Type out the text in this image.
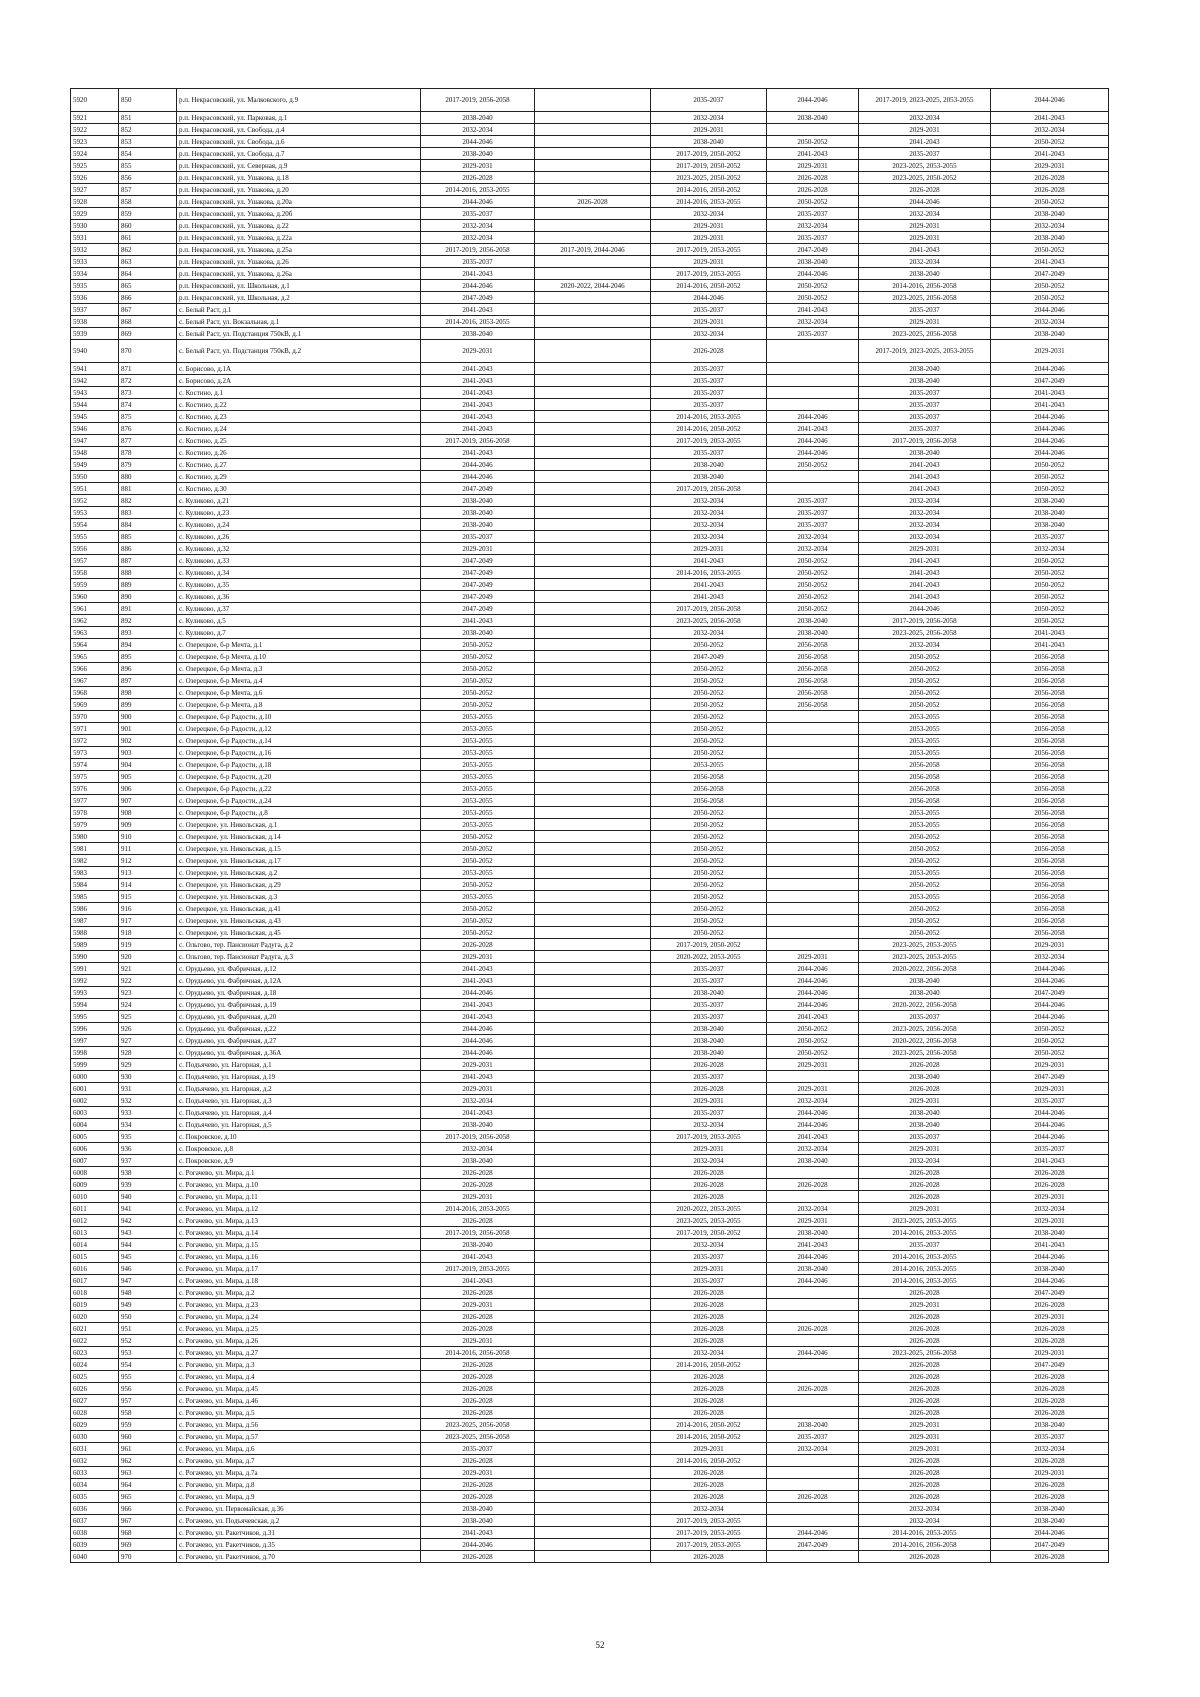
5920	850	р.п. Некрасовский, ул. Малковского, д.9	2017-2019, 2056-2058		2035-2037	2044-2046	2017-2019, 2023-2025, 2053-2055	2044-2046
5921	851	р.п. Некрасовский, ул. Парковая, д.1	2038-2040		2032-2034	2038-2040	2032-2034	2041-2043
5922	852	р.п. Некрасовский, ул. Свобода, д.4	2032-2034		2029-2031		2029-2031	2032-2034
5923	853	р.п. Некрасовский, ул. Свобода, д.6	2044-2046		2038-2040	2050-2052	2041-2043	2050-2052
5924	854	р.п. Некрасовский, ул. Свобода, д.7	2038-2040		2017-2019, 2050-2052	2041-2043	2035-2037	2041-2043
5925	855	р.п. Некрасовский, ул. Северная, д.9	2029-2031		2017-2019, 2050-2052	2029-2031	2023-2025, 2053-2055	2029-2031
5926	856	р.п. Некрасовский, ул. Ушакова, д.18	2026-2028		2023-2025, 2050-2052	2026-2028	2023-2025, 2050-2052	2026-2028
5927	857	р.п. Некрасовский, ул. Ушакова, д.20	2014-2016, 2053-2055		2014-2016, 2050-2052	2026-2028	2026-2028	2026-2028
5928	858	р.п. Некрасовский, ул. Ушакова, д.20а	2044-2046	2026-2028	2014-2016, 2053-2055	2050-2052	2044-2046	2050-2052
5929	859	р.п. Некрасовский, ул. Ушакова, д.20б	2035-2037		2032-2034	2035-2037	2032-2034	2038-2040
5930	860	р.п. Некрасовский, ул. Ушакова, д.22	2032-2034		2029-2031	2032-2034	2029-2031	2032-2034
5931	861	р.п. Некрасовский, ул. Ушакова, д.22а	2032-2034		2029-2031	2035-2037	2029-2031	2038-2040
5932	862	р.п. Некрасовский, ул. Ушакова, д.25а	2017-2019, 2056-2058	2017-2019, 2044-2046	2017-2019, 2053-2055	2047-2049	2041-2043	2050-2052
5933	863	р.п. Некрасовский, ул. Ушакова, д.26	2035-2037		2029-2031	2038-2040	2032-2034	2041-2043
5934	864	р.п. Некрасовский, ул. Ушакова, д.26а	2041-2043		2017-2019, 2053-2055	2044-2046	2038-2040	2047-2049
5935	865	р.п. Некрасовский, ул. Школьная, д.1	2044-2046	2020-2022, 2044-2046	2014-2016, 2050-2052	2050-2052	2014-2016, 2056-2058	2050-2052
5936	866	р.п. Некрасовский, ул. Школьная, д.2	2047-2049		2044-2046	2050-2052	2023-2025, 2056-2058	2050-2052
5937	867	с. Белый Раст, д.1	2041-2043		2035-2037	2041-2043	2035-2037	2044-2046
5938	868	с. Белый Раст, ул. Вокзальная, д.1	2014-2016, 2053-2055		2029-2031	2032-2034	2029-2031	2032-2034
5939	869	с. Белый Раст, ул. Подстанция 750кВ, д.1	2038-2040		2032-2034	2035-2037	2023-2025, 2056-2058	2038-2040
5940	870	с. Белый Раст, ул. Подстанция 750кВ, д.2	2029-2031		2026-2028		2017-2019, 2023-2025, 2053-2055	2029-2031
5941	871	с. Борисово, д.1А	2041-2043		2035-2037		2038-2040	2044-2046
5942	872	с. Борисово, д.2А	2041-2043		2035-2037		2038-2040	2047-2049
5943	873	с. Костино, д.1	2041-2043		2035-2037		2035-2037	2041-2043
5944	874	с. Костино, д.22	2041-2043		2035-2037		2035-2037	2041-2043
5945	875	с. Костино, д.23	2041-2043		2014-2016, 2053-2055	2044-2046	2035-2037	2044-2046
5946	876	с. Костино, д.24	2041-2043		2014-2016, 2050-2052	2041-2043	2035-2037	2044-2046
5947	877	с. Костино, д.25	2017-2019, 2056-2058		2017-2019, 2053-2055	2044-2046	2017-2019, 2056-2058	2044-2046
5948	878	с. Костино, д.26	2041-2043		2035-2037	2044-2046	2038-2040	2044-2046
5949	879	с. Костино, д.27	2044-2046		2038-2040	2050-2052	2041-2043	2050-2052
5950	880	с. Костино, д.29	2044-2046		2038-2040		2041-2043	2050-2052
5951	881	с. Костино, д.30	2047-2049		2017-2019, 2056-2058		2041-2043	2050-2052
5952	882	с. Куликово, д.21	2038-2040		2032-2034	2035-2037	2032-2034	2038-2040
5953	883	с. Куликово, д.23	2038-2040		2032-2034	2035-2037	2032-2034	2038-2040
5954	884	с. Куликово, д.24	2038-2040		2032-2034	2035-2037	2032-2034	2038-2040
5955	885	с. Куликово, д.26	2035-2037		2032-2034	2032-2034	2032-2034	2035-2037
5956	886	с. Куликово, д.32	2029-2031		2029-2031	2032-2034	2029-2031	2032-2034
5957	887	с. Куликово, д.33	2047-2049		2041-2043	2050-2052	2041-2043	2050-2052
5958	888	с. Куликово, д.34	2047-2049		2014-2016, 2053-2055	2050-2052	2041-2043	2050-2052
5959	889	с. Куликово, д.35	2047-2049		2041-2043	2050-2052	2041-2043	2050-2052
5960	890	с. Куликово, д.36	2047-2049		2041-2043	2050-2052	2041-2043	2050-2052
5961	891	с. Куликово, д.37	2047-2049		2017-2019, 2056-2058	2050-2052	2044-2046	2050-2052
5962	892	с. Куликово, д.5	2041-2043		2023-2025, 2056-2058	2038-2040	2017-2019, 2056-2058	2050-2052
5963	893	с. Куликово, д.7	2038-2040		2032-2034	2038-2040	2023-2025, 2056-2058	2041-2043
5964	894	с. Озерецкое, б-р Мечта, д.1	2050-2052		2050-2052	2056-2058	2032-2034	2041-2043
5965	895	с. Озерецкое, б-р Мечта, д.10	2050-2052		2047-2049	2056-2058	2050-2052	2056-2058
5966	896	с. Озерецкое, б-р Мечта, д.3	2050-2052		2050-2052	2056-2058	2050-2052	2056-2058
5967	897	с. Озерецкое, б-р Мечта, д.4	2050-2052		2050-2052	2056-2058	2050-2052	2056-2058
5968	898	с. Озерецкое, б-р Мечта, д.6	2050-2052		2050-2052	2056-2058	2050-2052	2056-2058
5969	899	с. Озерецкое, б-р Мечта, д.8	2050-2052		2050-2052	2056-2058	2050-2052	2056-2058
5970	900	с. Озерецкое, б-р Радости, д.10	2053-2055		2050-2052		2053-2055	2056-2058
5971	901	с. Озерецкое, б-р Радости, д.12	2053-2055		2050-2052		2053-2055	2056-2058
5972	902	с. Озерецкое, б-р Радости, д.14	2053-2055		2050-2052		2053-2055	2056-2058
5973	903	с. Озерецкое, б-р Радости, д.16	2053-2055		2050-2052		2053-2055	2056-2058
5974	904	с. Озерецкое, б-р Радости, д.18	2053-2055		2053-2055		2056-2058	2056-2058
5975	905	с. Озерецкое, б-р Радости, д.20	2053-2055		2056-2058		2056-2058	2056-2058
5976	906	с. Озерецкое, б-р Радости, д.22	2053-2055		2056-2058		2056-2058	2056-2058
5977	907	с. Озерецкое, б-р Радости, д.24	2053-2055		2056-2058		2056-2058	2056-2058
5978	908	с. Озерецкое, б-р Радости, д.8	2053-2055		2050-2052		2053-2055	2056-2058
5979	909	с. Озерецкое, ул. Никольская, д.1	2053-2055		2050-2052		2053-2055	2056-2058
5980	910	с. Озерецкое, ул. Никольская, д.14	2050-2052		2050-2052		2050-2052	2056-2058
5981	911	с. Озерецкое, ул. Никольская, д.15	2050-2052		2050-2052		2050-2052	2056-2058
5982	912	с. Озерецкое, ул. Никольская, д.17	2050-2052		2050-2052		2050-2052	2056-2058
5983	913	с. Озерецкое, ул. Никольская, д.2	2053-2055		2050-2052		2053-2055	2056-2058
5984	914	с. Озерецкое, ул. Никольская, д.29	2050-2052		2050-2052		2050-2052	2056-2058
5985	915	с. Озерецкое, ул. Никольская, д.3	2053-2055		2050-2052		2053-2055	2056-2058
5986	916	с. Озерецкое, ул. Никольская, д.41	2050-2052		2050-2052		2050-2052	2056-2058
5987	917	с. Озерецкое, ул. Никольская, д.43	2050-2052		2050-2052		2050-2052	2056-2058
5988	918	с. Озерецкое, ул. Никольская, д.45	2050-2052		2050-2052		2050-2052	2056-2058
5989	919	с. Ольгово, тер. Пансионат Радуга, д.2	2026-2028		2017-2019, 2050-2052		2023-2025, 2053-2055	2029-2031
5990	920	с. Ольгово, тер. Пансионат Радуга, д.3	2029-2031		2020-2022, 2053-2055	2029-2031	2023-2025, 2053-2055	2032-2034
5991	921	с. Орудьево, ул. Фабричная, д.12	2041-2043		2035-2037	2044-2046	2020-2022, 2056-2058	2044-2046
5992	922	с. Орудьево, ул. Фабричная, д.12А	2041-2043		2035-2037	2044-2046	2038-2040	2044-2046
5993	923	с. Орудьево, ул. Фабричная, д.18	2044-2046		2038-2040	2044-2046	2038-2040	2047-2049
5994	924	с. Орудьево, ул. Фабричная, д.19	2041-2043		2035-2037	2044-2046	2020-2022, 2056-2058	2044-2046
5995	925	с. Орудьево, ул. Фабричная, д.20	2041-2043		2035-2037	2041-2043	2035-2037	2044-2046
5996	926	с. Орудьево, ул. Фабричная, д.22	2044-2046		2038-2040	2050-2052	2023-2025, 2056-2058	2050-2052
5997	927	с. Орудьево, ул. Фабричная, д.27	2044-2046		2038-2040	2050-2052	2020-2022, 2056-2058	2050-2052
5998	928	с. Орудьево, ул. Фабричная, д.36А	2044-2046		2038-2040	2050-2052	2023-2025, 2056-2058	2050-2052
5999	929	с. Подъячево, ул. Нагорная, д.1	2029-2031		2026-2028	2029-2031	2026-2028	2029-2031
6000	930	с. Подъячево, ул. Нагорная, д.19	2041-2043		2035-2037		2038-2040	2047-2049
6001	931	с. Подъячево, ул. Нагорная, д.2	2029-2031		2026-2028	2029-2031	2026-2028	2029-2031
6002	932	с. Подъячево, ул. Нагорная, д.3	2032-2034		2029-2031	2032-2034	2029-2031	2035-2037
6003	933	с. Подъячево, ул. Нагорная, д.4	2041-2043		2035-2037	2044-2046	2038-2040	2044-2046
6004	934	с. Подъячево, ул. Нагорная, д.5	2038-2040		2032-2034	2044-2046	2038-2040	2044-2046
6005	935	с. Покровское, д.10	2017-2019, 2056-2058		2017-2019, 2053-2055	2041-2043	2035-2037	2044-2046
6006	936	с. Покровское, д.8	2032-2034		2029-2031	2032-2034	2029-2031	2035-2037
6007	937	с. Покровское, д.9	2038-2040		2032-2034	2038-2040	2032-2034	2041-2043
6008	938	с. Рогачево, ул. Мира, д.1	2026-2028		2026-2028		2026-2028	2026-2028
6009	939	с. Рогачево, ул. Мира, д.10	2026-2028		2026-2028	2026-2028	2026-2028	2026-2028
6010	940	с. Рогачево, ул. Мира, д.11	2029-2031		2026-2028		2026-2028	2029-2031
6011	941	с. Рогачево, ул. Мира, д.12	2014-2016, 2053-2055		2020-2022, 2053-2055	2032-2034	2029-2031	2032-2034
6012	942	с. Рогачево, ул. Мира, д.13	2026-2028		2023-2025, 2053-2055	2029-2031	2023-2025, 2053-2055	2029-2031
6013	943	с. Рогачево, ул. Мира, д.14	2017-2019, 2056-2058		2017-2019, 2050-2052	2038-2040	2014-2016, 2053-2055	2038-2040
6014	944	с. Рогачево, ул. Мира, д.15	2038-2040		2032-2034	2041-2043	2035-2037	2041-2043
6015	945	с. Рогачево, ул. Мира, д.16	2041-2043		2035-2037	2044-2046	2014-2016, 2053-2055	2044-2046
6016	946	с. Рогачево, ул. Мира, д.17	2017-2019, 2053-2055		2029-2031	2038-2040	2014-2016, 2053-2055	2038-2040
6017	947	с. Рогачево, ул. Мира, д.18	2041-2043		2035-2037	2044-2046	2014-2016, 2053-2055	2044-2046
6018	948	с. Рогачево, ул. Мира, д.2	2026-2028		2026-2028		2026-2028	2047-2049
6019	949	с. Рогачево, ул. Мира, д.23	2029-2031		2026-2028		2029-2031	2026-2028
6020	950	с. Рогачево, ул. Мира, д.24	2026-2028		2026-2028		2026-2028	2029-2031
6021	951	с. Рогачево, ул. Мира, д.25	2026-2028		2026-2028	2026-2028	2026-2028	2026-2028
6022	952	с. Рогачево, ул. Мира, д.26	2029-2031		2026-2028		2026-2028	2026-2028
6023	953	с. Рогачево, ул. Мира, д.27	2014-2016, 2056-2058		2032-2034	2044-2046	2023-2025, 2056-2058	2029-2031
6024	954	с. Рогачево, ул. Мира, д.3	2026-2028		2014-2016, 2050-2052		2026-2028	2047-2049
6025	955	с. Рогачево, ул. Мира, д.4	2026-2028		2026-2028		2026-2028	2026-2028
6026	956	с. Рогачево, ул. Мира, д.45	2026-2028		2026-2028	2026-2028	2026-2028	2026-2028
6027	957	с. Рогачево, ул. Мира, д.46	2026-2028		2026-2028		2026-2028	2026-2028
6028	958	с. Рогачево, ул. Мира, д.5	2026-2028		2026-2028		2026-2028	2026-2028
6029	959	с. Рогачево, ул. Мира, д.56	2023-2025, 2056-2058		2014-2016, 2050-2052	2038-2040	2029-2031	2038-2040
6030	960	с. Рогачево, ул. Мира, д.57	2023-2025, 2056-2058		2014-2016, 2050-2052	2035-2037	2029-2031	2035-2037
6031	961	с. Рогачево, ул. Мира, д.6	2035-2037		2029-2031	2032-2034	2029-2031	2032-2034
6032	962	с. Рогачево, ул. Мира, д.7	2026-2028		2014-2016, 2050-2052		2026-2028	2026-2028
6033	963	с. Рогачево, ул. Мира, д.7а	2029-2031		2026-2028		2026-2028	2029-2031
6034	964	с. Рогачево, ул. Мира, д.8	2026-2028		2026-2028		2026-2028	2026-2028
6035	965	с. Рогачево, ул. Мира, д.9	2026-2028		2026-2028	2026-2028	2026-2028	2026-2028
6036	966	с. Рогачево, ул. Первомайская, д.36	2038-2040		2032-2034		2032-2034	2038-2040
6037	967	с. Рогачево, ул. Подъячевская, д.2	2038-2040		2017-2019, 2053-2055		2032-2034	2038-2040
6038	968	с. Рогачево, ул. Ракетчиков, д.31	2041-2043		2017-2019, 2053-2055	2044-2046	2014-2016, 2053-2055	2044-2046
6039	969	с. Рогачево, ул. Ракетчиков, д.35	2044-2046		2017-2019, 2053-2055	2047-2049	2014-2016, 2056-2058	2047-2049
6040	970	с. Рогачево, ул. Ракетчиков, д.70	2026-2028		2026-2028		2026-2028	2026-2028
52
